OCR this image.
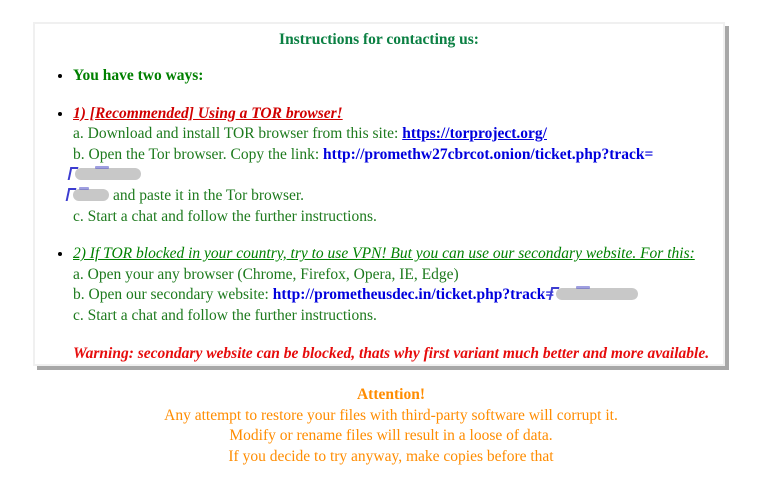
Instructions for contacting us:
• You have two ways:
• 1) [Recommended] Using a TOR browser!
a. Download and install TOR browser from this site: https://torproject.org/
b. Open the Tor browser. Copy the link: http://promethw27cbrcot.onion/ticket.php?track=
and paste it in the Tor browser.
c. Start a chat and follow the further instructions.
• 2) If TOR blocked in your country, try to use VPN! But you can use our secondary website. For this:
a. Open your any browser (Chrome, Firefox, Opera, IE, Edge)
b. Open our secondary website: http://prometheusdec.in/ticket.php?track=
c. Start a chat and follow the further instructions.
Warning: secondary website can be blocked, thats why first variant much better and more available.
Attention!
Any attempt to restore your files with third-party software will corrupt it.
Modify or rename files will result in a loose of data.
If you decide to try anyway, make copies before that
